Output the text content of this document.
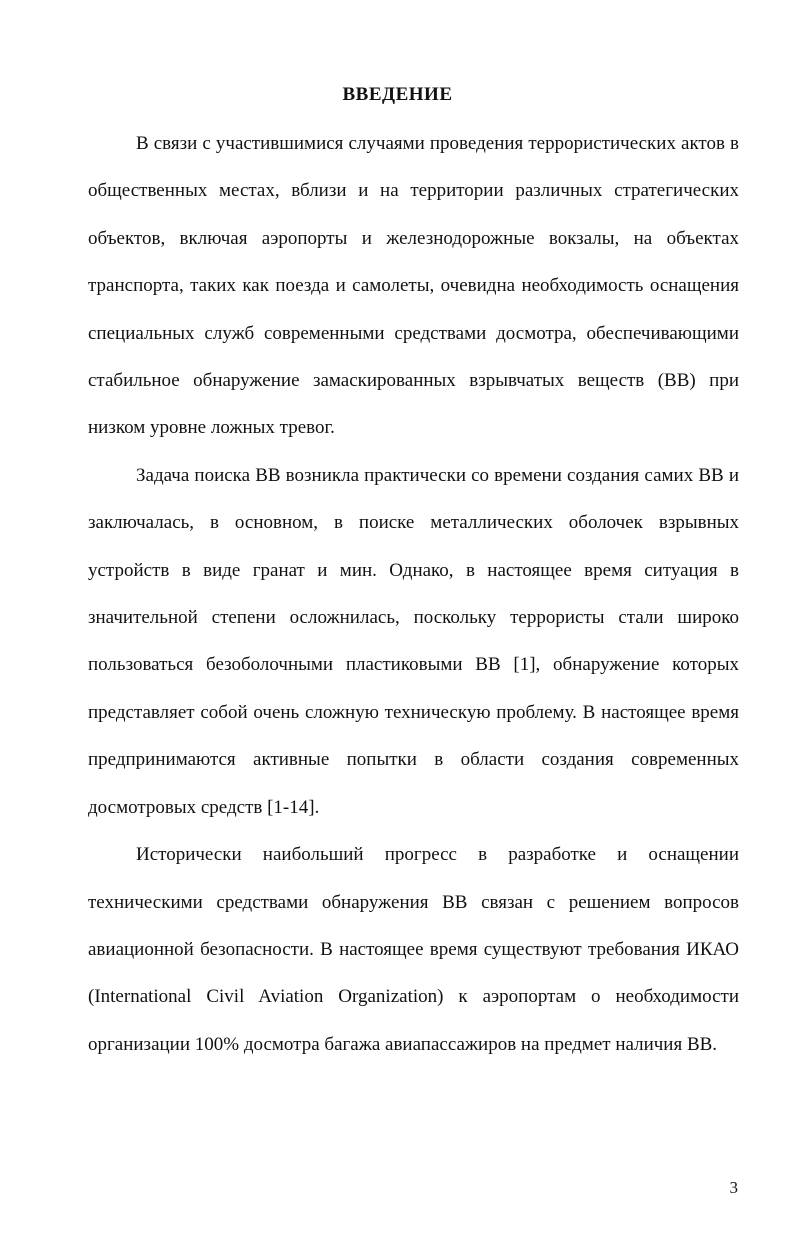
ВВЕДЕНИЕ

В связи с участившимися случаями проведения террористических актов в общественных местах, вблизи и на территории различных стратегических объектов, включая аэропорты и железнодорожные вокзалы, на объектах транспорта, таких как поезда и самолеты, очевидна необходимость оснащения специальных служб современными средствами досмотра, обеспечивающими стабильное обнаружение замаскированных взрывчатых веществ (ВВ) при низком уровне ложных тревог.

Задача поиска ВВ возникла практически со времени создания самих ВВ и заключалась, в основном, в поиске металлических оболочек взрывных устройств в виде гранат и мин. Однако, в настоящее время ситуация в значительной степени осложнилась, поскольку террористы стали широко пользоваться безоболочными пластиковыми ВВ [1], обнаружение которых представляет собой очень сложную техническую проблему. В настоящее время предпринимаются активные попытки в области создания современных досмотровых средств [1-14].

Исторически наибольший прогресс в разработке и оснащении техническими средствами обнаружения ВВ связан с решением вопросов авиационной безопасности. В настоящее время существуют требования ИКАО (International Civil Aviation Organization) к аэропортам о необходимости организации 100% досмотра багажа авиапассажиров на предмет наличия ВВ.

3
